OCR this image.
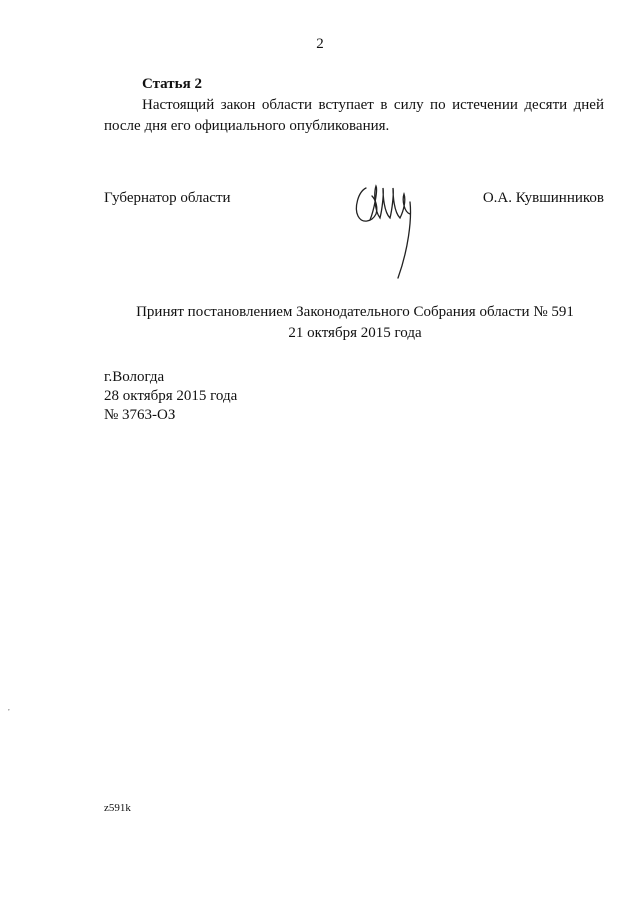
2
Статья 2

Настоящий закон области вступает в силу по истечении десяти дней после дня его официального опубликования.

Губернатор области	О.А. Кувшинников
Принят постановлением Законодательного Собрания области № 591
21 октября 2015 года
г.Вологда
28 октября 2015 года
№ 3763-ОЗ
,
z591k
